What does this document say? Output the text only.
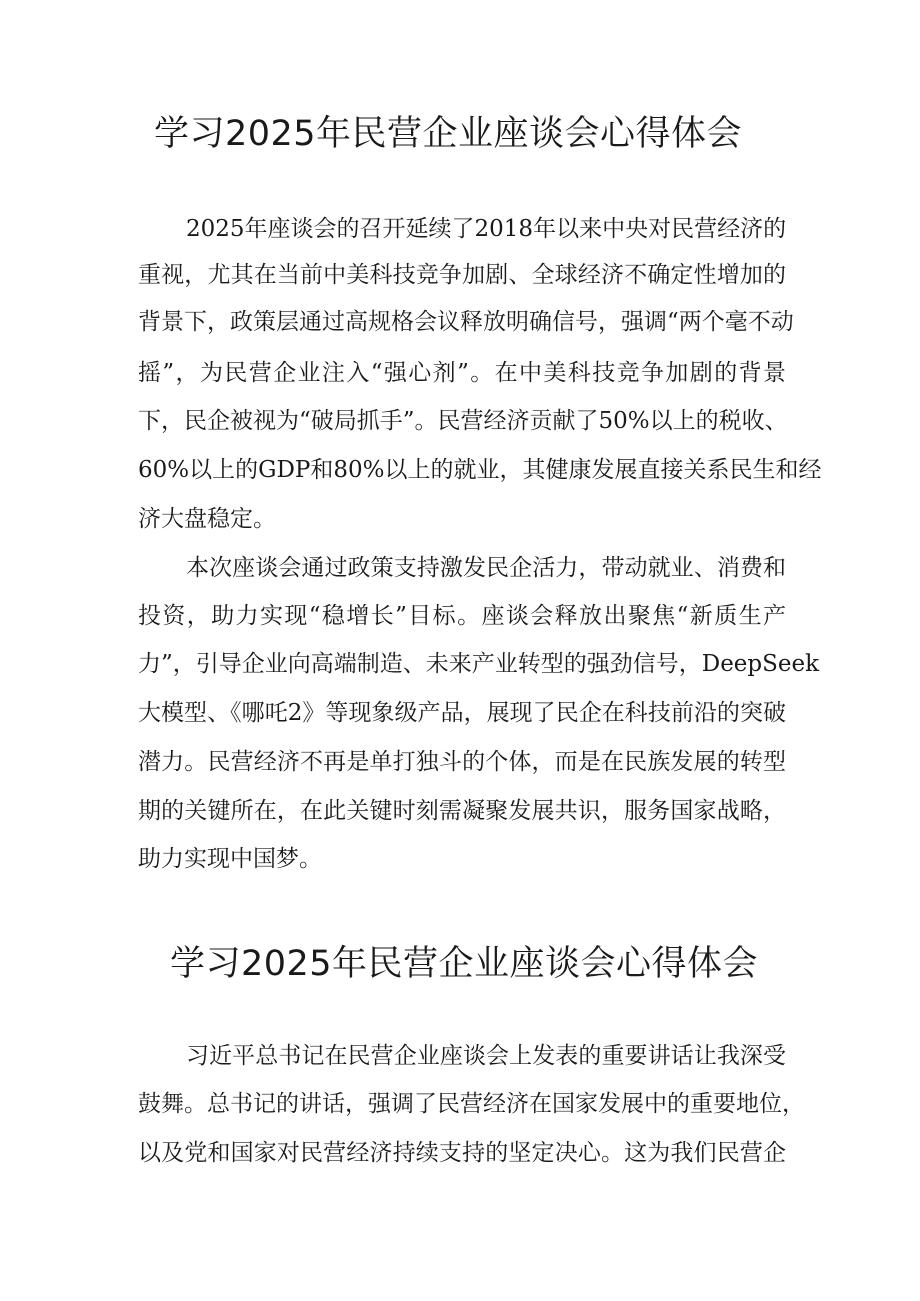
学习2025年民营企业座谈会心得体会
2025年座谈会的召开延续了2018年以来中央对民营经济的
重视，尤其在当前中美科技竞争加剧、全球经济不确定性增加的
背景下，政策层通过高规格会议释放明确信号，强调“两个毫不动
摇”，为民营企业注入“强心剂”。在中美科技竞争加剧的背景
下，民企被视为“破局抓手”。民营经济贡献了50%以上的税收、
60%以上的GDP和80%以上的就业，其健康发展直接关系民生和经
济大盘稳定。
本次座谈会通过政策支持激发民企活力，带动就业、消费和
投资，助力实现“稳增长”目标。座谈会释放出聚焦“新质生产
力”，引导企业向高端制造、未来产业转型的强劲信号，DeepSeek
大模型、《哪吒2》等现象级产品，展现了民企在科技前沿的突破
潜力。民营经济不再是单打独斗的个体，而是在民族发展的转型
期的关键所在，在此关键时刻需凝聚发展共识，服务国家战略，
助力实现中国梦。
学习2025年民营企业座谈会心得体会
习近平总书记在民营企业座谈会上发表的重要讲话让我深受
鼓舞。总书记的讲话，强调了民营经济在国家发展中的重要地位，
以及党和国家对民营经济持续支持的坚定决心。这为我们民营企
